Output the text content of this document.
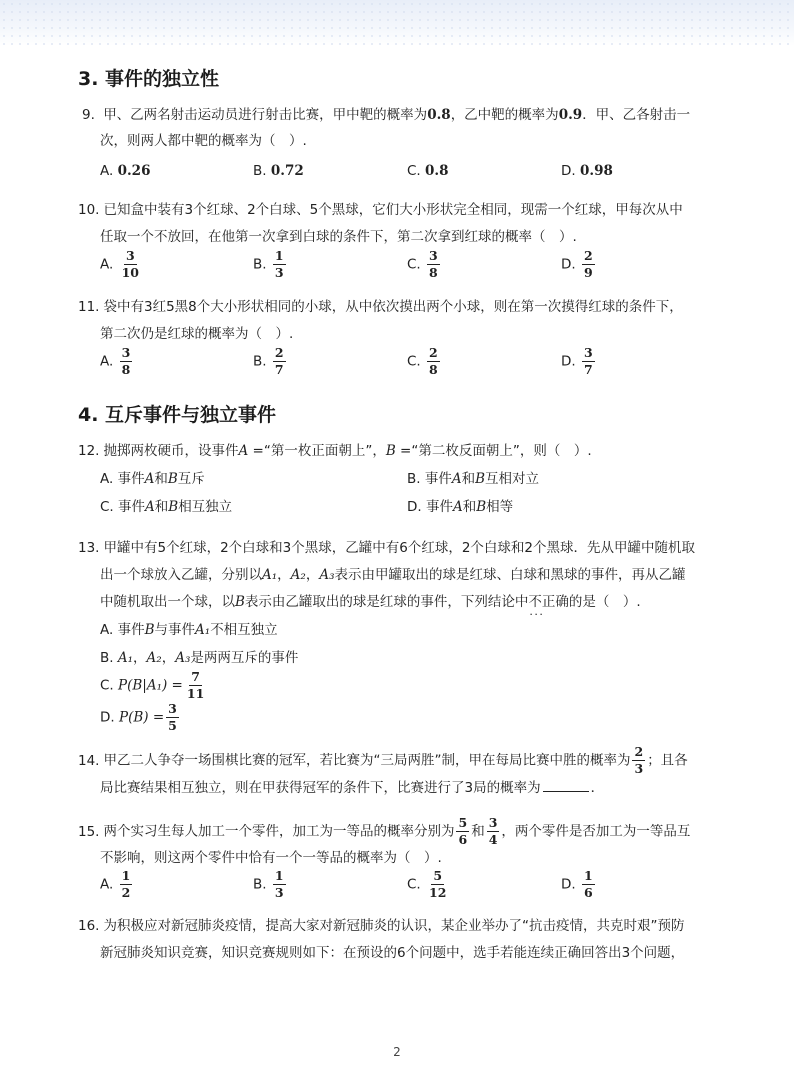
3. 事件的独立性
9. 甲、乙两名射击运动员进行射击比赛，甲中靶的概率为0.8，乙中靶的概率为0.9．甲、乙各射击一
次，则两人都中靶的概率为（　）.
A. 0.26	B. 0.72	C. 0.8	D. 0.98
10. 已知盒中装有3个红球、2个白球、5个黑球，它们大小形状完全相同，现需一个红球，甲每次从中
任取一个不放回，在他第一次拿到白球的条件下，第二次拿到红球的概率（　）.
A. $\frac{3}{10}$	B. $\frac{1}{3}$	C. $\frac{3}{8}$	D. $\frac{2}{9}$
11. 袋中有3红5黑8个大小形状相同的小球，从中依次摸出两个小球，则在第一次摸得红球的条件下，
第二次仍是红球的概率为（　）.
A. $\frac{3}{8}$	B. $\frac{2}{7}$	C. $\frac{2}{8}$	D. $\frac{3}{7}$
4. 互斥事件与独立事件
12. 抛掷两枚硬币，设事件A =“第一枚正面朝上”，B =“第二枚反面朝上”，则（　）.
A. 事件A和B互斥	B. 事件A和B互相对立
C. 事件A和B相互独立	D. 事件A和B相等
13. 甲罐中有5个红球，2个白球和3个黑球，乙罐中有6个红球，2个白球和2个黑球．先从甲罐中随机取
出一个球放入乙罐，分别以A₁，A₂，A₃表示由甲罐取出的球是红球、白球和黑球的事件，再从乙罐
中随机取出一个球，以B表示由乙罐取出的球是红球的事件，下列结论中不正确 · · ·的是（　）.
A. 事件B与事件A₁不相互独立
B. A₁，A₂，A₃是两两互斥的事件
C. $P(B|A_1) = \frac{7}{11}$
D. $P(B) = \frac{3}{5}$
14. 甲乙二人争夺一场围棋比赛的冠军，若比赛为“三局两胜”制，甲在每局比赛中胜的概率为 $\frac{2}{3}$ ；且各
局比赛结果相互独立，则在甲获得冠军的条件下，比赛进行了3局的概率为	．
15. 两个实习生每人加工一个零件，加工为一等品的概率分别为 $\frac{5}{6}$ 和 $\frac{3}{4}$ ，两个零件是否加工为一等品互
不影响，则这两个零件中恰有一个一等品的概率为（　）.
A. $\frac{1}{2}$	B. $\frac{1}{3}$	C. $\frac{5}{12}$	D. $\frac{1}{6}$
16. 为积极应对新冠肺炎疫情，提高大家对新冠肺炎的认识，某企业举办了“抗击疫情，共克时艰”预防
新冠肺炎知识竞赛，知识竞赛规则如下：在预设的6个问题中，选手若能连续正确回答出3个问题，
2
